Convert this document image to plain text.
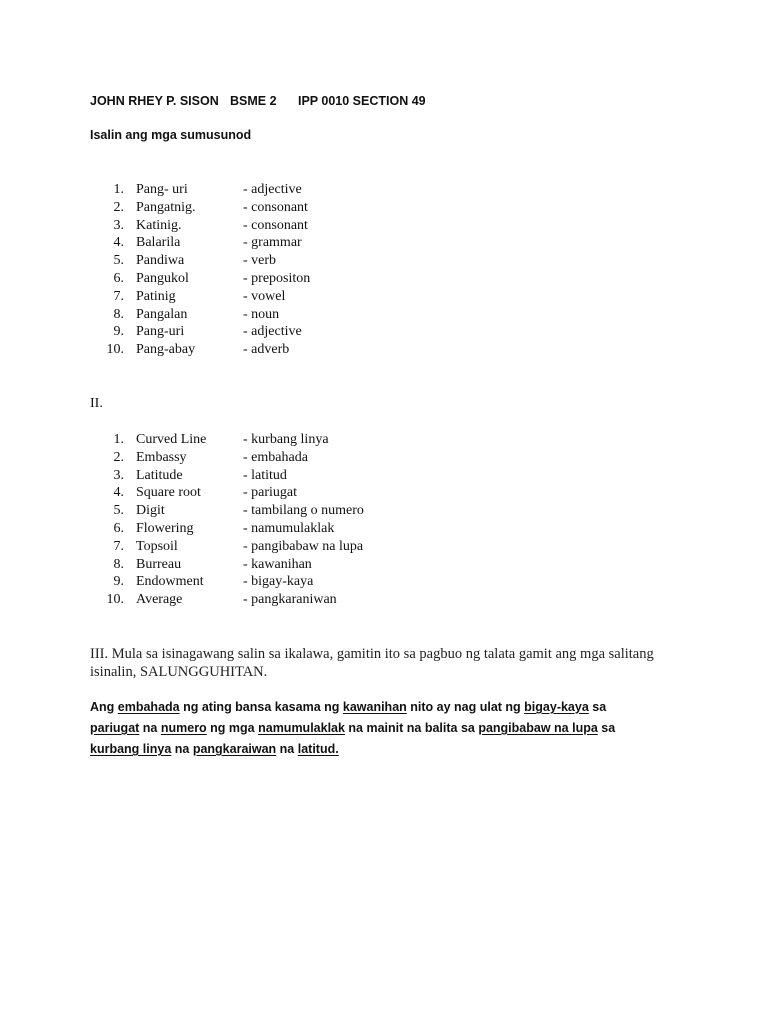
JOHN RHEY P. SISON BSME 2 IPP 0010 SECTION 49
Isalin ang mga sumusunod
1. Pang- uri	- adjective
2. Pangatnig.	- consonant
3. Katinig.	- consonant
4. Balarila	- grammar
5. Pandiwa	- verb
6. Pangukol	- prepositon
7. Patinig	- vowel
8. Pangalan	- noun
9. Pang-uri	- adjective
10. Pang-abay	- adverb
II.
1. Curved Line	- kurbang linya
2. Embassy	- embahada
3. Latitude	- latitud
4. Square root	- pariugat
5. Digit	- tambilang o numero
6. Flowering	- namumulaklak
7. Topsoil	- pangibabaw na lupa
8. Burreau	- kawanihan
9. Endowment	- bigay-kaya
10. Average	- pangkaraniwan
III. Mula sa isinagawang salin sa ikalawa, gamitin ito sa pagbuo ng talata gamit ang mga salitang isinalin, SALUNGGUHITAN.
Ang embahada ng ating bansa kasama ng kawanihan nito ay nag ulat ng bigay-kaya sa pariugat na numero ng mga namumulaklak na mainit na balita sa pangibabaw na lupa sa kurbang linya na pangkaraiwan na latitud.
